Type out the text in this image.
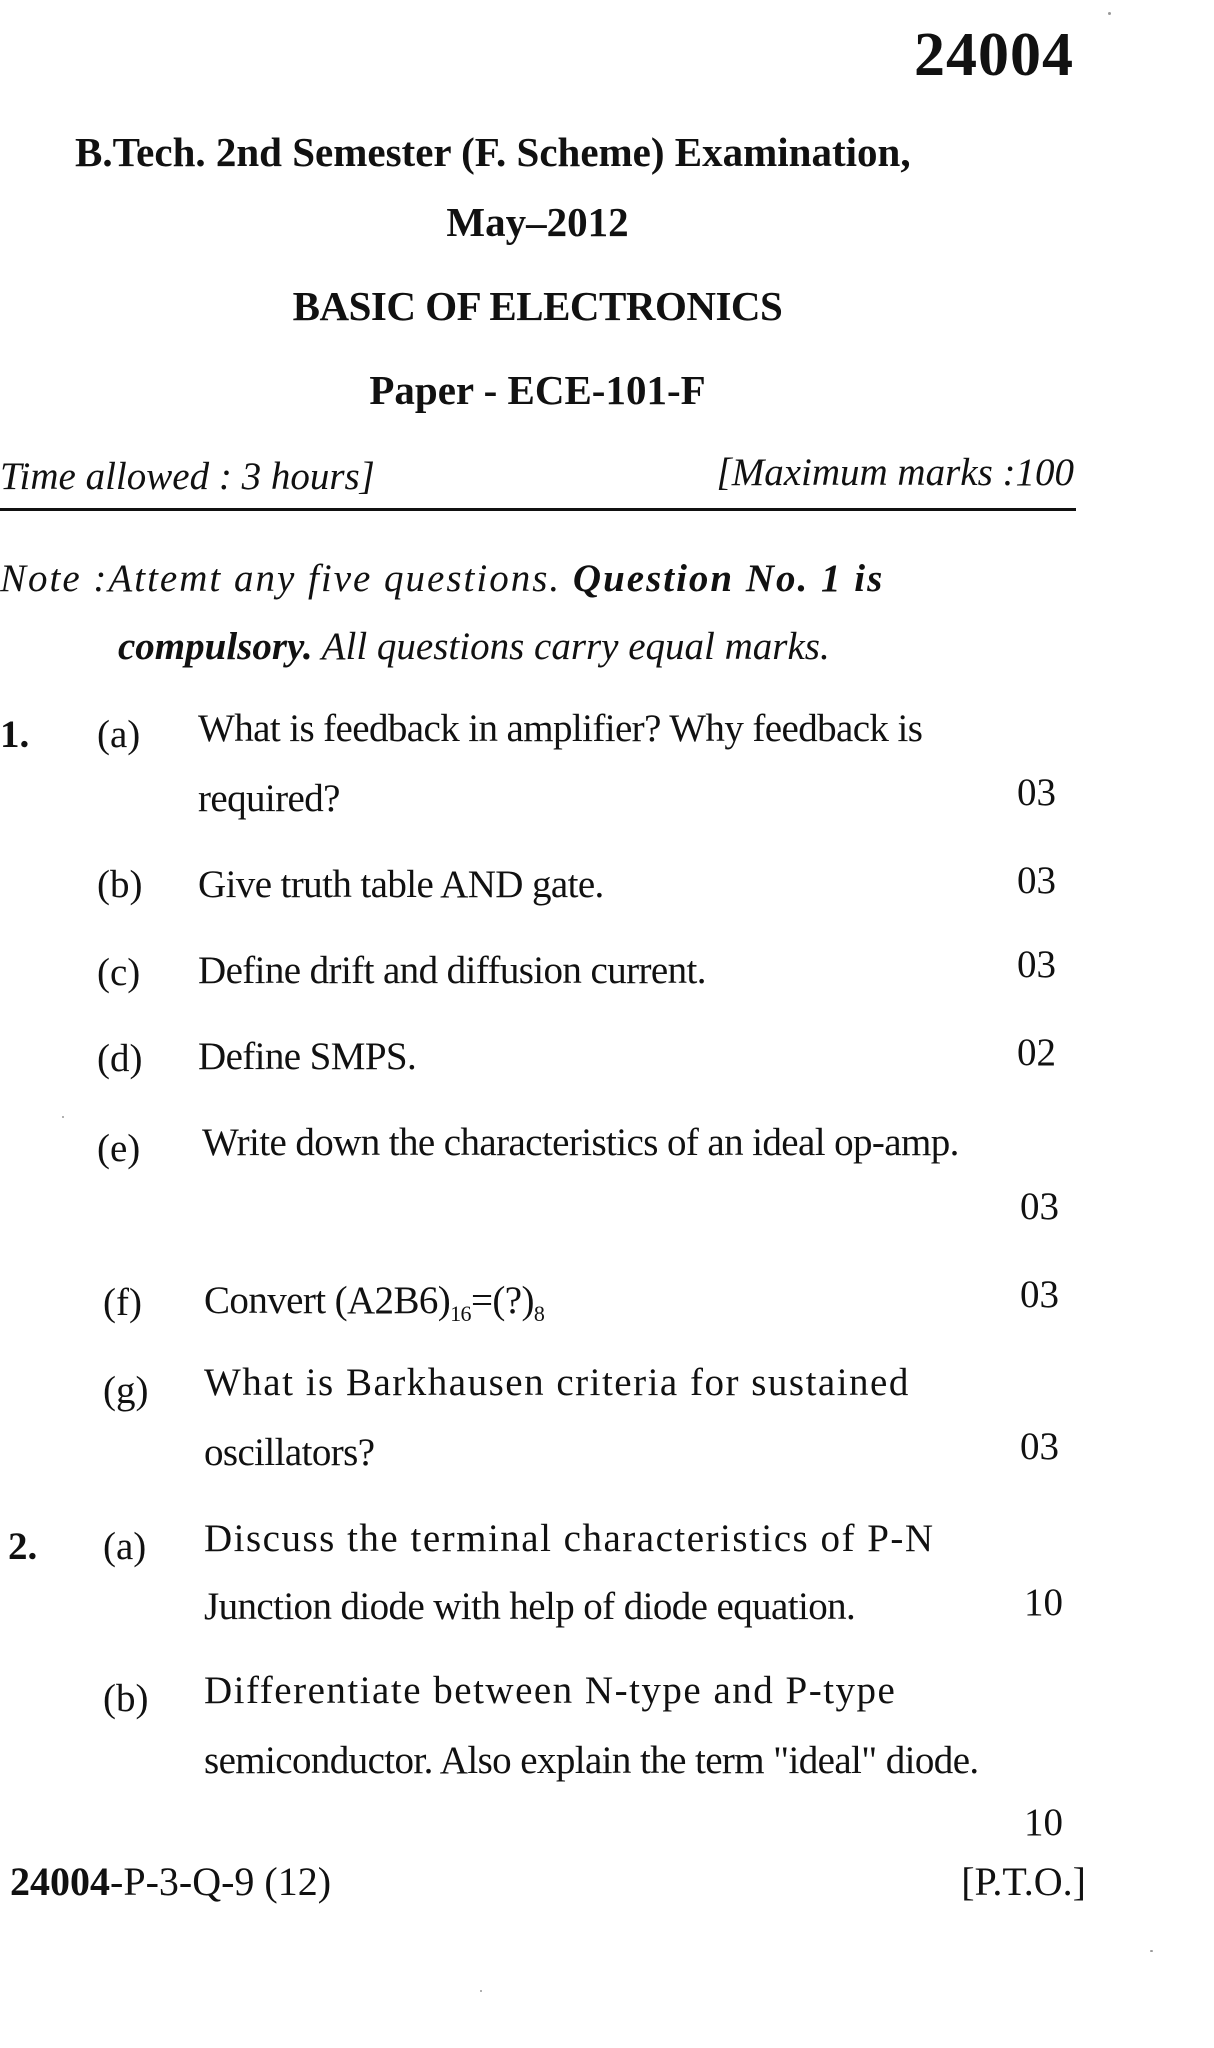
24004
B.Tech. 2nd Semester (F. Scheme) Examination,
May–2012
BASIC OF ELECTRONICS
Paper - ECE-101-F
Time allowed : 3 hours]	[Maximum marks :100
Note :Attemt any five questions. Question No. 1 is
compulsory. All questions carry equal marks.
1. (a) What is feedback in amplifier? Why feedback is
required?	03
(b) Give truth table AND gate.	03
(c) Define drift and diffusion current.	03
(d) Define SMPS.	02
(e) Write down the characteristics of an ideal op-amp.
03
(f) Convert $(A2B6)_{16}=(?)_8$	03
(g) What is Barkhausen criteria for sustained
oscillators?	03
2. (a) Discuss the terminal characteristics of P-N
Junction diode with help of diode equation.	10
(b) Differentiate between N-type and P-type
semiconductor. Also explain the term "ideal" diode.
10
24004-P-3-Q-9 (12)	[P.T.O.]
